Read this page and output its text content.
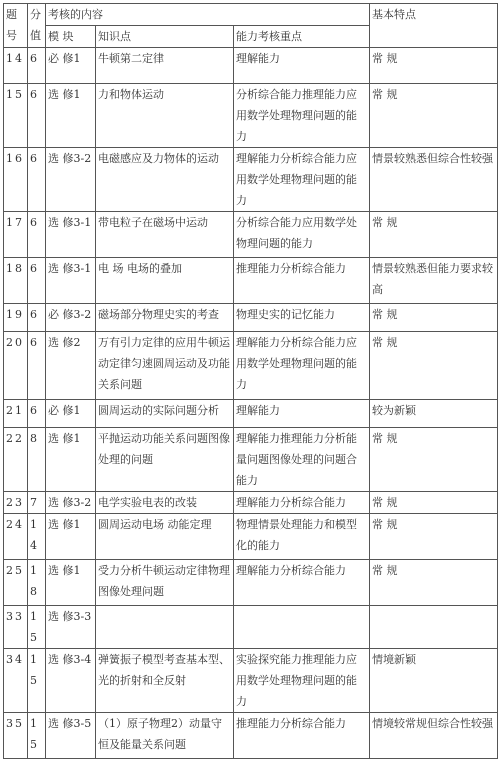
题号	分值	考核的内容			基本特点
		模 块	知识点	能力考核重点	
14	6	必 修1	牛顿第二定律	理解能力	常 规
15	6	选 修1	力和物体运动	分析综合能力推理能力应用数学处理物理问题的能力	常 规
16	6	选 修3-2	电磁感应及力物体的运动	理解能力分析综合能力应用数学处理物理问题的能力	情景较熟悉但综合性较强
17	6	选 修3-1	带电粒子在磁场中运动	分析综合能力应用数学处物理问题的能力	常 规
18	6	选 修3-1	电 场 电场的叠加	推理能力分析综合能力	情景较熟悉但能力要求较 高
19	6	必 修3-2	磁场部分物理史实的考查	物理史实的记忆能力	常 规
20	6	选 修2	万有引力定律的应用牛顿运动定律匀速圆周运动及功能关系问题	理解能力分析综合能力应用数学处理物理问题的能力	常 规
21	6	必 修1	圆周运动的实际问题分析	理解能力	较为新颖
22	8	选 修1	平抛运动功能关系问题图像处理的问题	理解能力推理能力分析能量问题图像处理的问题合能力	常 规
23	7	选 修3-2	电学实验电表的改装	理解能力分析综合能力	常 规
24	14	选 修1	圆周运动电场 动能定理	物理情景处理能力和模型化的能力	常 规
25	18	选 修1	受力分析牛顿运动定律物理图像处理问题	理解能力分析综合能力	常 规
33	15	选 修3-3			
34	15	选 修3-4	弹簧振子模型考查基本型、光的折射和全反射	实验探究能力推理能力应用数学处理物理问题的能力	情境新颖
35	15	选 修3-5	（1）原子物理2）动量守恒及能量关系问题	推理能力分析综合能力	情境较常规但综合性较强
